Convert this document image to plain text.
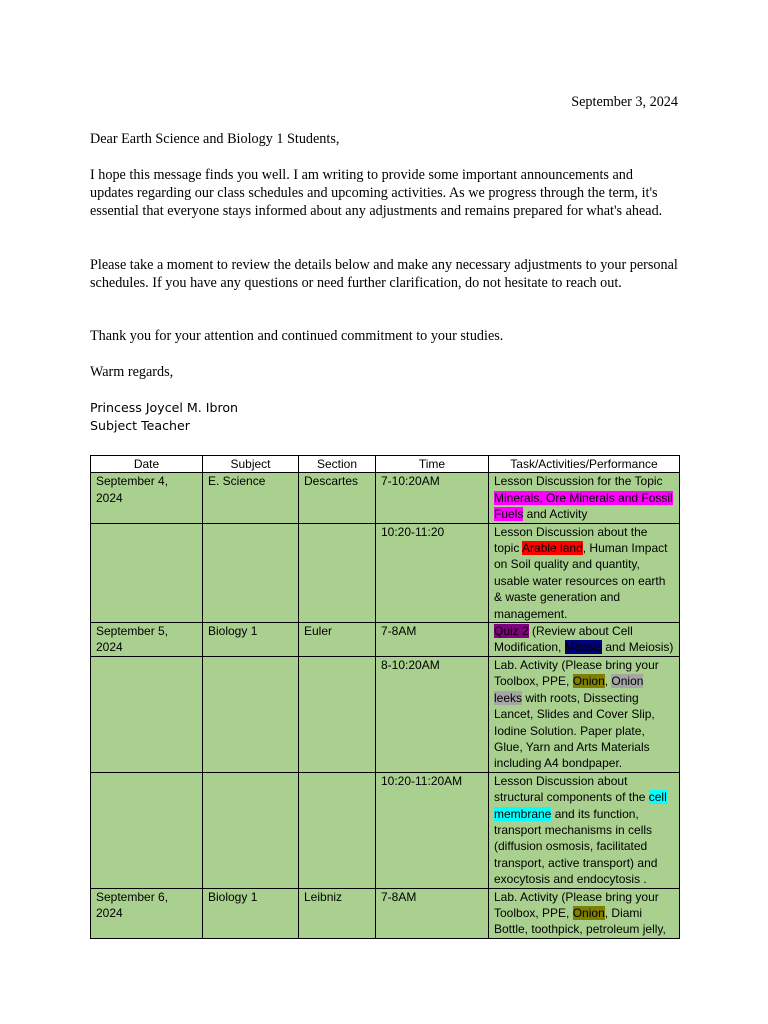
September 3, 2024

Dear Earth Science and Biology 1 Students,

I hope this message finds you well. I am writing to provide some important announcements and updates regarding our class schedules and upcoming activities. As we progress through the term, it's essential that everyone stays informed about any adjustments and remains prepared for what's ahead.

Please take a moment to review the details below and make any necessary adjustments to your personal schedules. If you have any questions or need further clarification, do not hesitate to reach out.

Thank you for your attention and continued commitment to your studies.

Warm regards,

Princess Joycel M. Ibron
Subject Teacher
Date	Subject	Section	Time	Task/Activities/Performance
September 4, 2024	E. Science	Descartes	7-10:20AM	Lesson Discussion for the Topic Minerals, Ore Minerals and Fossil Fuels and Activity
			10:20-11:20	Lesson Discussion about the topic Arable land, Human Impact on Soil quality and quantity, usable water resources on earth & waste generation and management.
September 5, 2024	Biology 1	Euler	7-8AM	Quiz 2 (Review about Cell Modification, Mitosis and Meiosis)
			8-10:20AM	Lab. Activity (Please bring your Toolbox, PPE, Onion, Onion leeks with roots, Dissecting Lancet, Slides and Cover Slip, Iodine Solution. Paper plate, Glue, Yarn and Arts Materials including A4 bondpaper.
			10:20-11:20AM	Lesson Discussion about structural components of the cell membrane and its function, transport mechanisms in cells (diffusion osmosis, facilitated transport, active transport) and exocytosis and endocytosis .
September 6, 2024	Biology 1	Leibniz	7-8AM	Lab. Activity (Please bring your Toolbox, PPE, Onion, Diami Bottle, toothpick, petroleum jelly,
